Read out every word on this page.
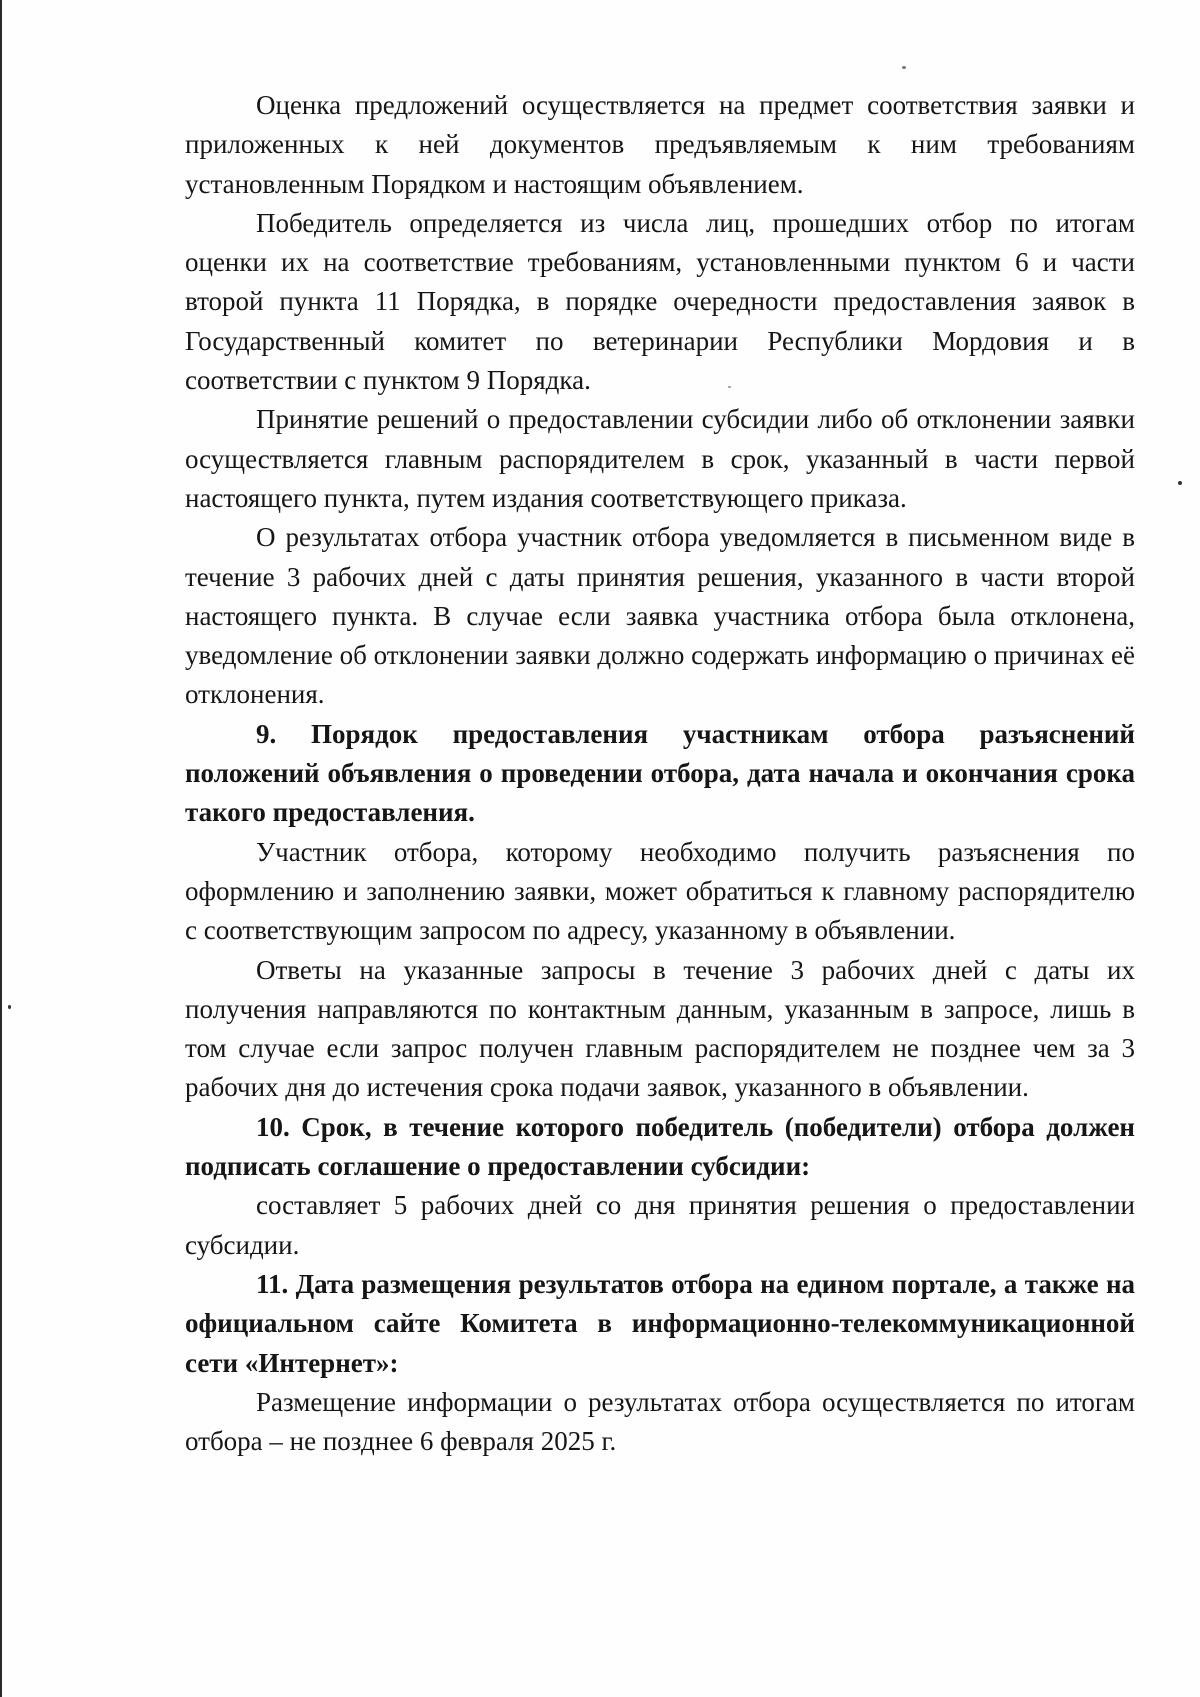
Оценка предложений осуществляется на предмет соответствия заявки и приложенных к ней документов предъявляемым к ним требованиям установленным Порядком и настоящим объявлением.

Победитель определяется из числа лиц, прошедших отбор по итогам оценки их на соответствие требованиям, установленными пунктом 6 и части второй пункта 11 Порядка, в порядке очередности предоставления заявок в Государственный комитет по ветеринарии Республики Мордовия и в соответствии с пунктом 9 Порядка.

Принятие решений о предоставлении субсидии либо об отклонении заявки осуществляется главным распорядителем в срок, указанный в части первой настоящего пункта, путем издания соответствующего приказа.

О результатах отбора участник отбора уведомляется в письменном виде в течение 3 рабочих дней с даты принятия решения, указанного в части второй настоящего пункта. В случае если заявка участника отбора была отклонена, уведомление об отклонении заявки должно содержать информацию о причинах её отклонения.

9. Порядок предоставления участникам отбора разъяснений положений объявления о проведении отбора, дата начала и окончания срока такого предоставления.

Участник отбора, которому необходимо получить разъяснения по оформлению и заполнению заявки, может обратиться к главному распорядителю с соответствующим запросом по адресу, указанному в объявлении.

Ответы на указанные запросы в течение 3 рабочих дней с даты их получения направляются по контактным данным, указанным в запросе, лишь в том случае если запрос получен главным распорядителем не позднее чем за 3 рабочих дня до истечения срока подачи заявок, указанного в объявлении.

10. Срок, в течение которого победитель (победители) отбора должен подписать соглашение о предоставлении субсидии:

составляет 5 рабочих дней со дня принятия решения о предоставлении субсидии.

11. Дата размещения результатов отбора на едином портале, а также на официальном сайте Комитета в информационно-телекоммуникационной сети «Интернет»:

Размещение информации о результатах отбора осуществляется по итогам отбора – не позднее 6 февраля 2025 г.
